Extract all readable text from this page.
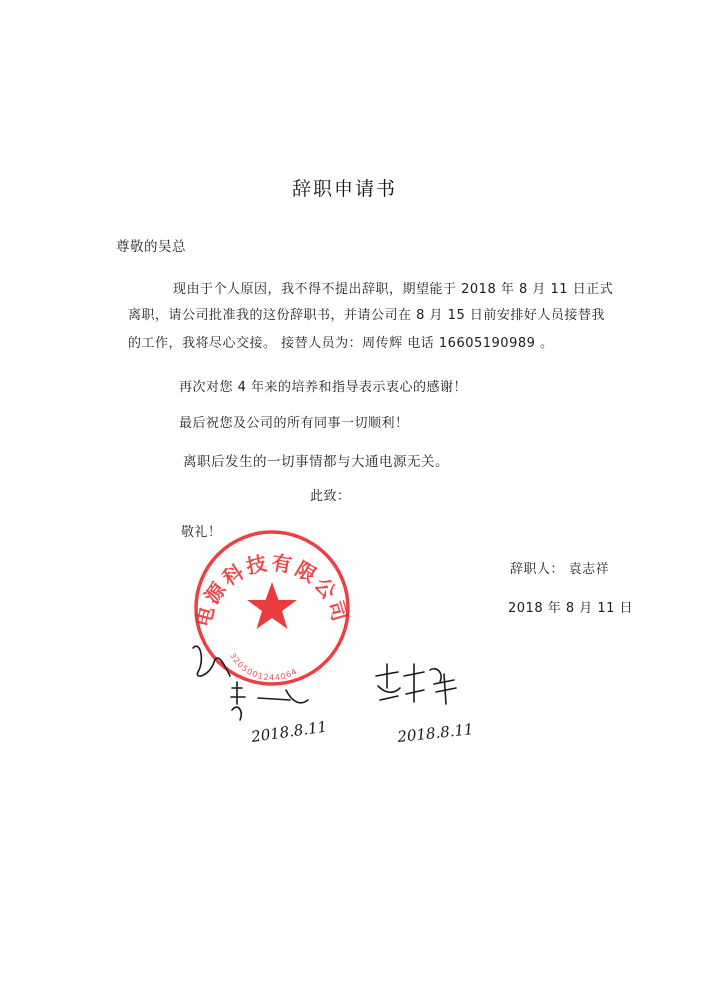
辞职申请书
尊敬的吴总
现由于个人原因，我不得不提出辞职，期望能于 2018 年 8 月 11 日正式
离职，请公司批准我的这份辞职书，并请公司在 8 月 15 日前安排好人员接替我
的工作，我将尽心交接。 接替人员为：周传辉 电话 16605190989 。
再次对您 4 年来的培养和指导表示衷心的感谢！
最后祝您及公司的所有同事一切顺利！
离职后发生的一切事情都与大通电源无关。
此致：
敬礼！
辞职人： 袁志祥
2018 年 8 月 11 日
电源科技有限公司
3205001244064
2018.8.11	2018.8.11
